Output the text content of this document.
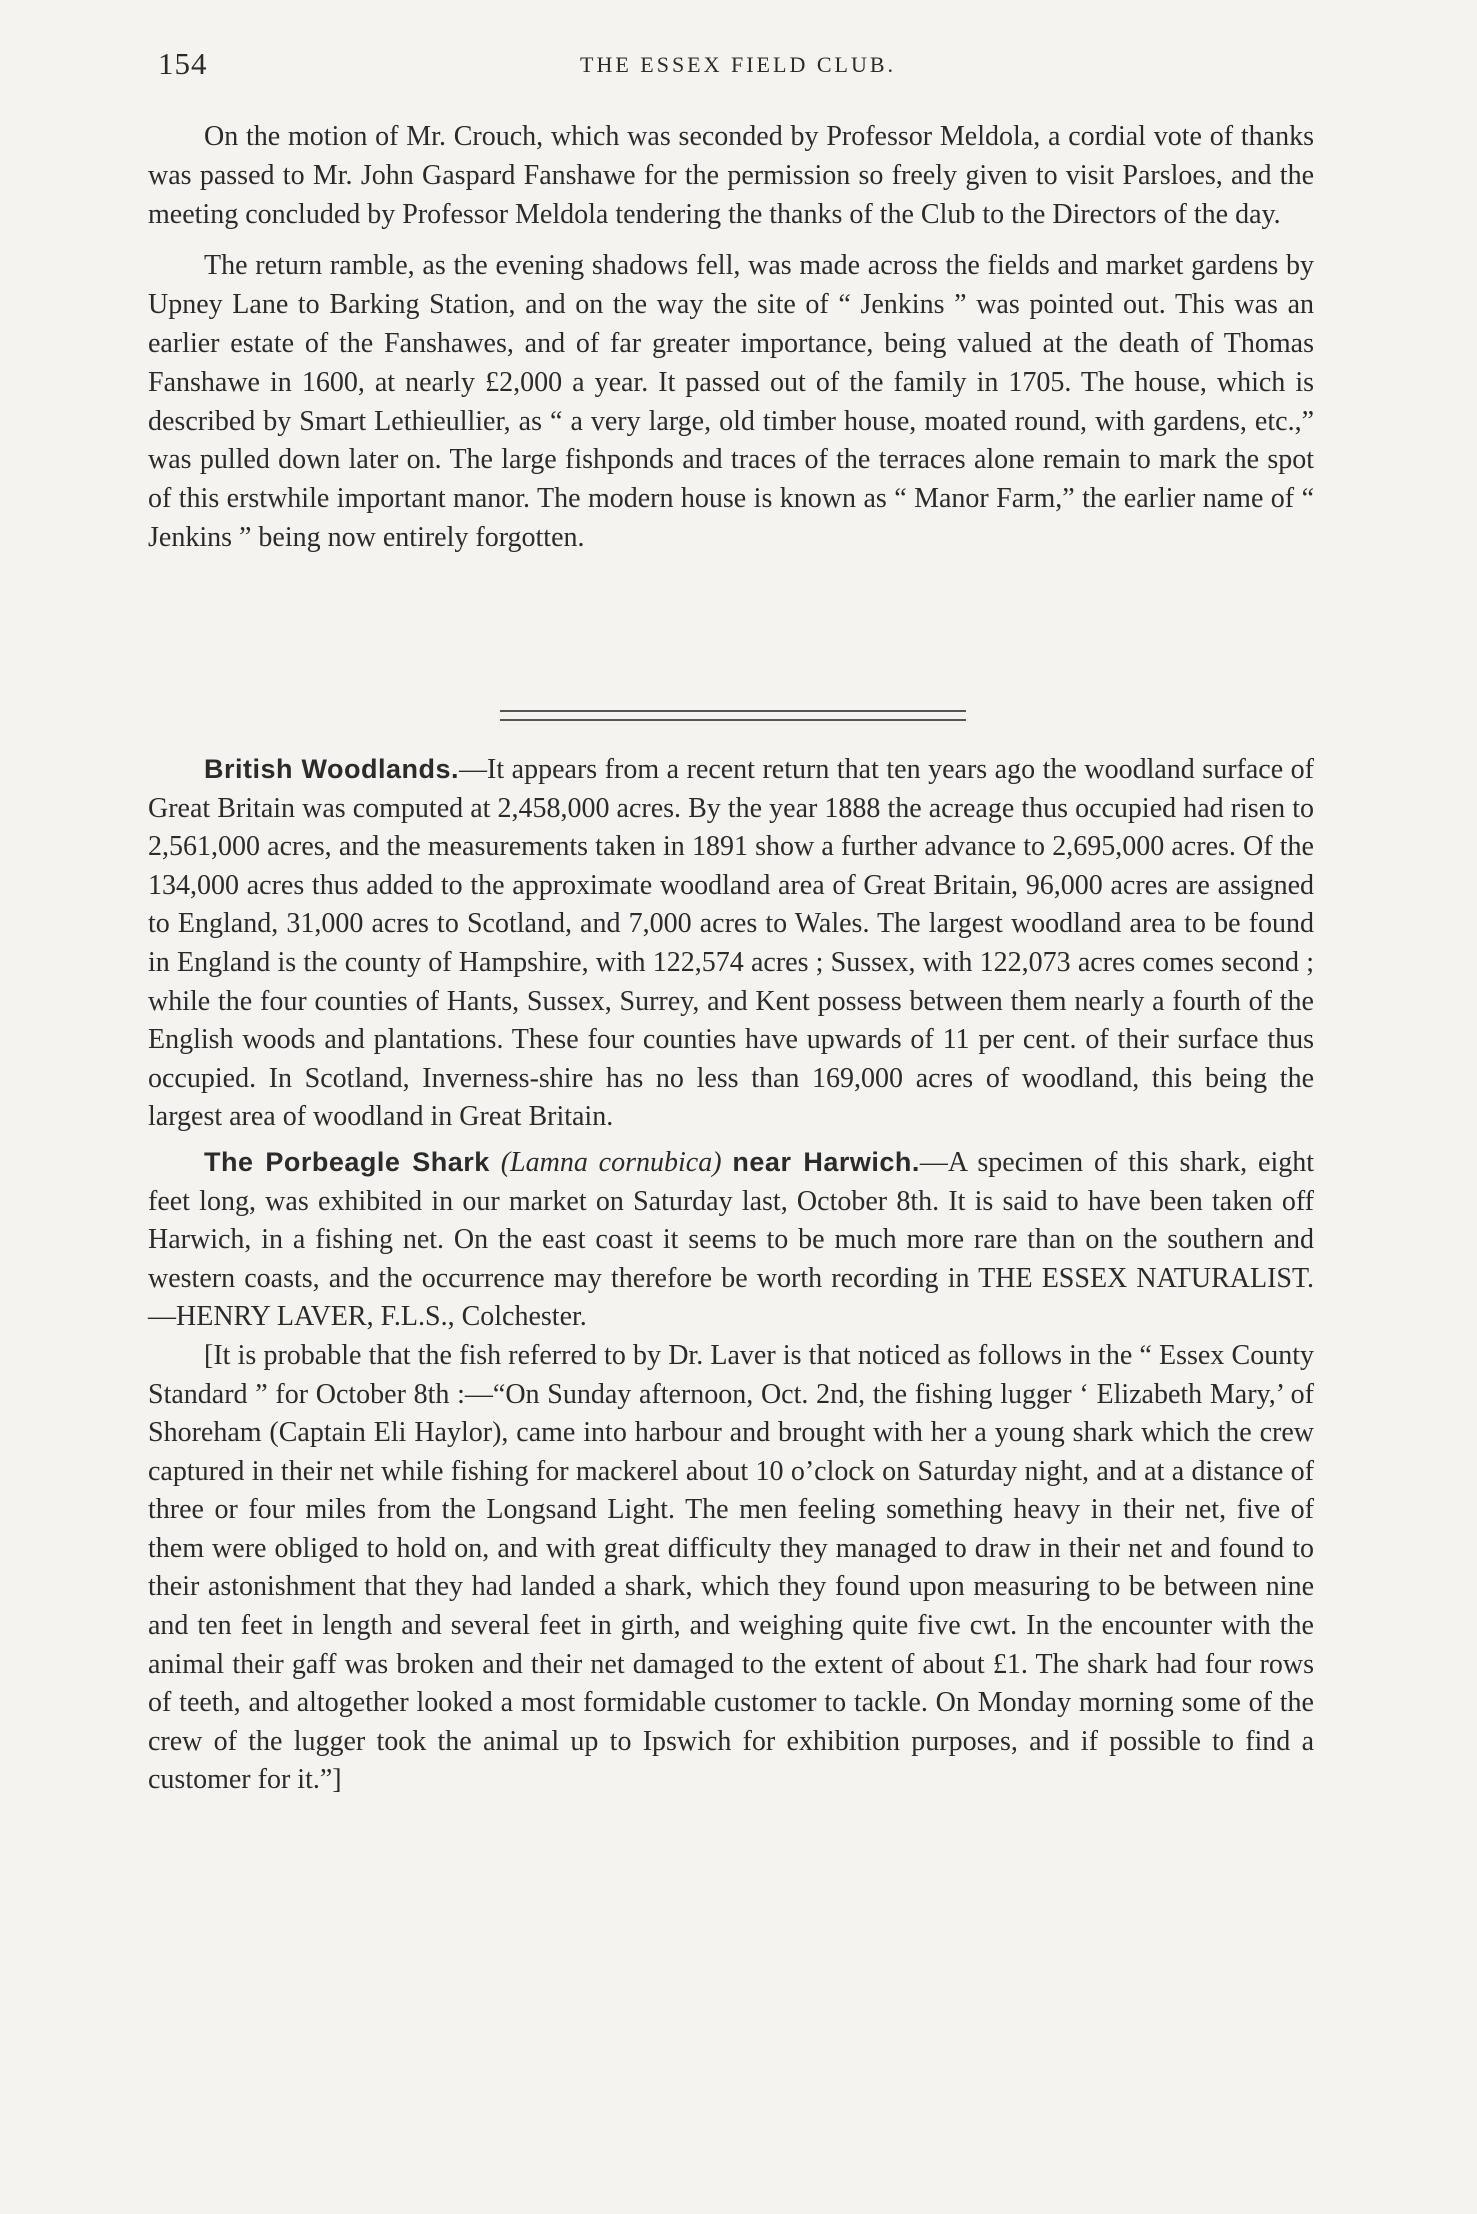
154	THE ESSEX FIELD CLUB.

On the motion of Mr. Crouch, which was seconded by Professor Meldola, a cordial vote of thanks was passed to Mr. John Gaspard Fanshawe for the permission so freely given to visit Parsloes, and the meeting concluded by Professor Meldola tendering the thanks of the Club to the Directors of the day.

The return ramble, as the evening shadows fell, was made across the fields and market gardens by Upney Lane to Barking Station, and on the way the site of “ Jenkins ” was pointed out. This was an earlier estate of the Fanshawes, and of far greater importance, being valued at the death of Thomas Fanshawe in 1600, at nearly £2,000 a year. It passed out of the family in 1705. The house, which is described by Smart Lethieullier, as “ a very large, old timber house, moated round, with gardens, etc.,” was pulled down later on. The large fishponds and traces of the terraces alone remain to mark the spot of this erstwhile important manor. The modern house is known as “ Manor Farm,” the earlier name of “ Jenkins ” being now entirely forgotten.

British Woodlands.—It appears from a recent return that ten years ago the woodland surface of Great Britain was computed at 2,458,000 acres. By the year 1888 the acreage thus occupied had risen to 2,561,000 acres, and the measurements taken in 1891 show a further advance to 2,695,000 acres. Of the 134,000 acres thus added to the approximate woodland area of Great Britain, 96,000 acres are assigned to England, 31,000 acres to Scotland, and 7,000 acres to Wales. The largest woodland area to be found in England is the county of Hampshire, with 122,574 acres ; Sussex, with 122,073 acres comes second ; while the four counties of Hants, Sussex, Surrey, and Kent possess between them nearly a fourth of the English woods and plantations. These four counties have upwards of 11 per cent. of their surface thus occupied. In Scotland, Inverness-shire has no less than 169,000 acres of woodland, this being the largest area of woodland in Great Britain.

The Porbeagle Shark (Lamna cornubica) near Harwich.—A specimen of this shark, eight feet long, was exhibited in our market on Saturday last, October 8th. It is said to have been taken off Harwich, in a fishing net. On the east coast it seems to be much more rare than on the southern and western coasts, and the occurrence may therefore be worth recording in THE ESSEX NATURALIST. —HENRY LAVER, F.L.S., Colchester.

[It is probable that the fish referred to by Dr. Laver is that noticed as follows in the “ Essex County Standard ” for October 8th :—“On Sunday afternoon, Oct. 2nd, the fishing lugger ‘ Elizabeth Mary,’ of Shoreham (Captain Eli Haylor), came into harbour and brought with her a young shark which the crew captured in their net while fishing for mackerel about 10 o’clock on Saturday night, and at a distance of three or four miles from the Longsand Light. The men feeling something heavy in their net, five of them were obliged to hold on, and with great difficulty they managed to draw in their net and found to their astonishment that they had landed a shark, which they found upon measuring to be between nine and ten feet in length and several feet in girth, and weighing quite five cwt. In the encounter with the animal their gaff was broken and their net damaged to the extent of about £1. The shark had four rows of teeth, and altogether looked a most formidable customer to tackle. On Monday morning some of the crew of the lugger took the animal up to Ipswich for exhibition purposes, and if possible to find a customer for it.”]
